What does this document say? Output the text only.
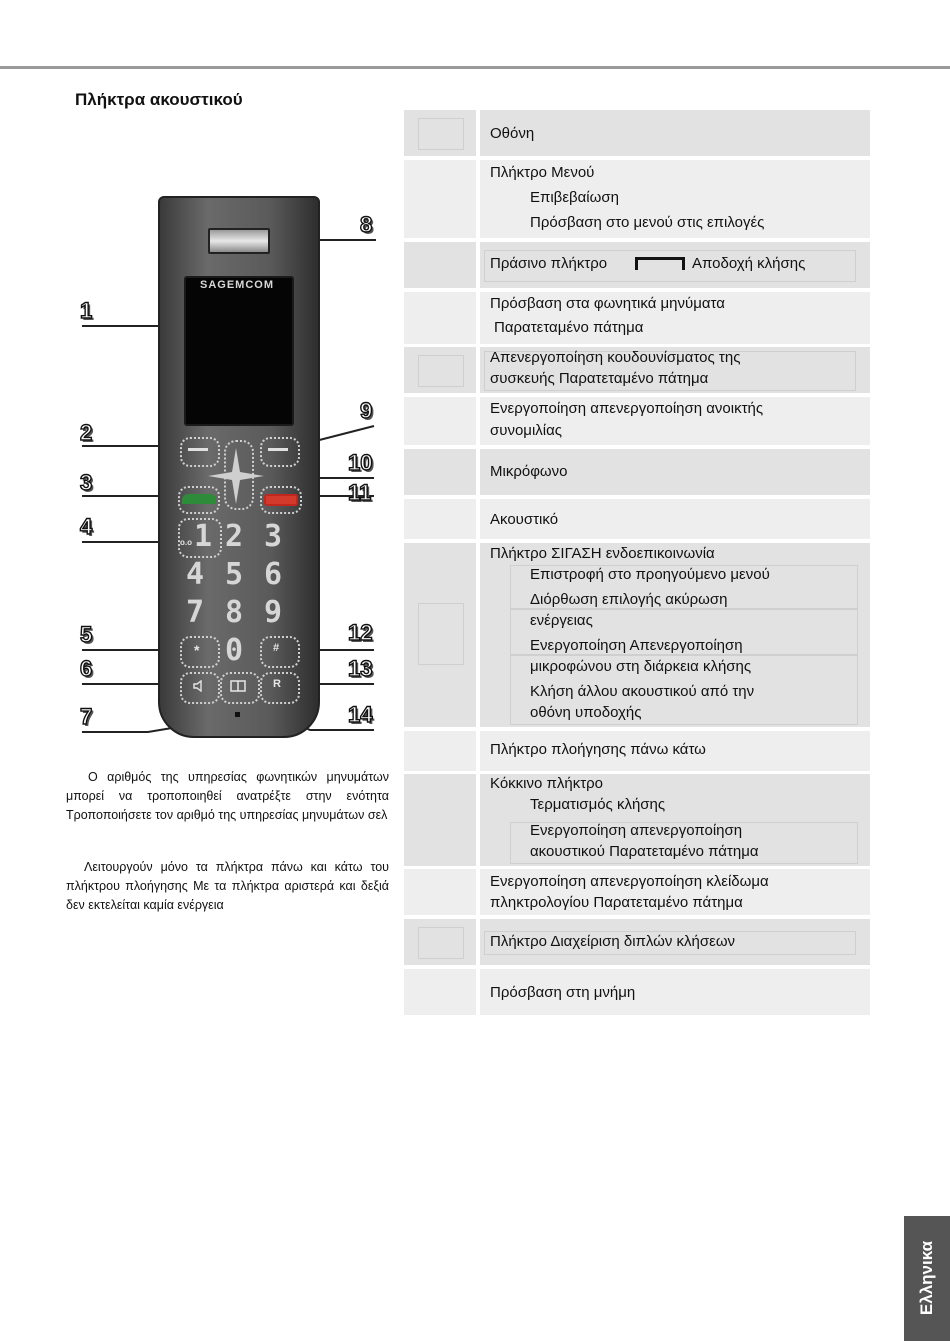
Πλήκτρα ακουστικού
SAGEMCOM
1
o.o 2 3
4 5 6
7 8 9
* 0	#
R
8
1
9
2
10
3	11
4
5	12
6	13
7	14
Ο αριθμός της υπηρεσίας φωνητικών μηνυμάτων μπορεί να τροποποιηθεί ανατρέξτε στην ενότητα Τροποποιήσετε τον αριθμό της υπηρεσίας μηνυμάτων σελ
Λειτουργούν μόνο τα πλήκτρα πάνω και κάτω του πλήκτρου πλοήγησης Με τα πλήκτρα αριστερά και δεξιά δεν εκτελείται καμία ενέργεια
Οθόνη
Πλήκτρο Μενού
Επιβεβαίωση
Πρόσβαση στο μενού στις επιλογές
Πράσινο πλήκτρο	Αποδοχή κλήσης
Πρόσβαση στα φωνητικά μηνύματα
Παρατεταμένο πάτημα
Απενεργοποίηση κουδουνίσματος της
συσκευής Παρατεταμένο πάτημα
Ενεργοποίηση απενεργοποίηση ανοικτής
συνομιλίας
Μικρόφωνο
Ακουστικό
Πλήκτρο ΣΙΓΑΣΗ ενδοεπικοινωνία
Επιστροφή στο προηγούμενο μενού
Διόρθωση επιλογής ακύρωση
ενέργειας
Ενεργοποίηση Απενεργοποίηση
μικροφώνου στη διάρκεια κλήσης
Κλήση άλλου ακουστικού από την
οθόνη υποδοχής
Πλήκτρο πλοήγησης πάνω κάτω
Κόκκινο πλήκτρο
Τερματισμός κλήσης
Ενεργοποίηση απενεργοποίηση
ακουστικού Παρατεταμένο πάτημα
Ενεργοποίηση απενεργοποίηση κλείδωμα
πληκτρολογίου Παρατεταμένο πάτημα
Πλήκτρο Διαχείριση διπλών κλήσεων
Πρόσβαση στη μνήμη
Ελληνικα
